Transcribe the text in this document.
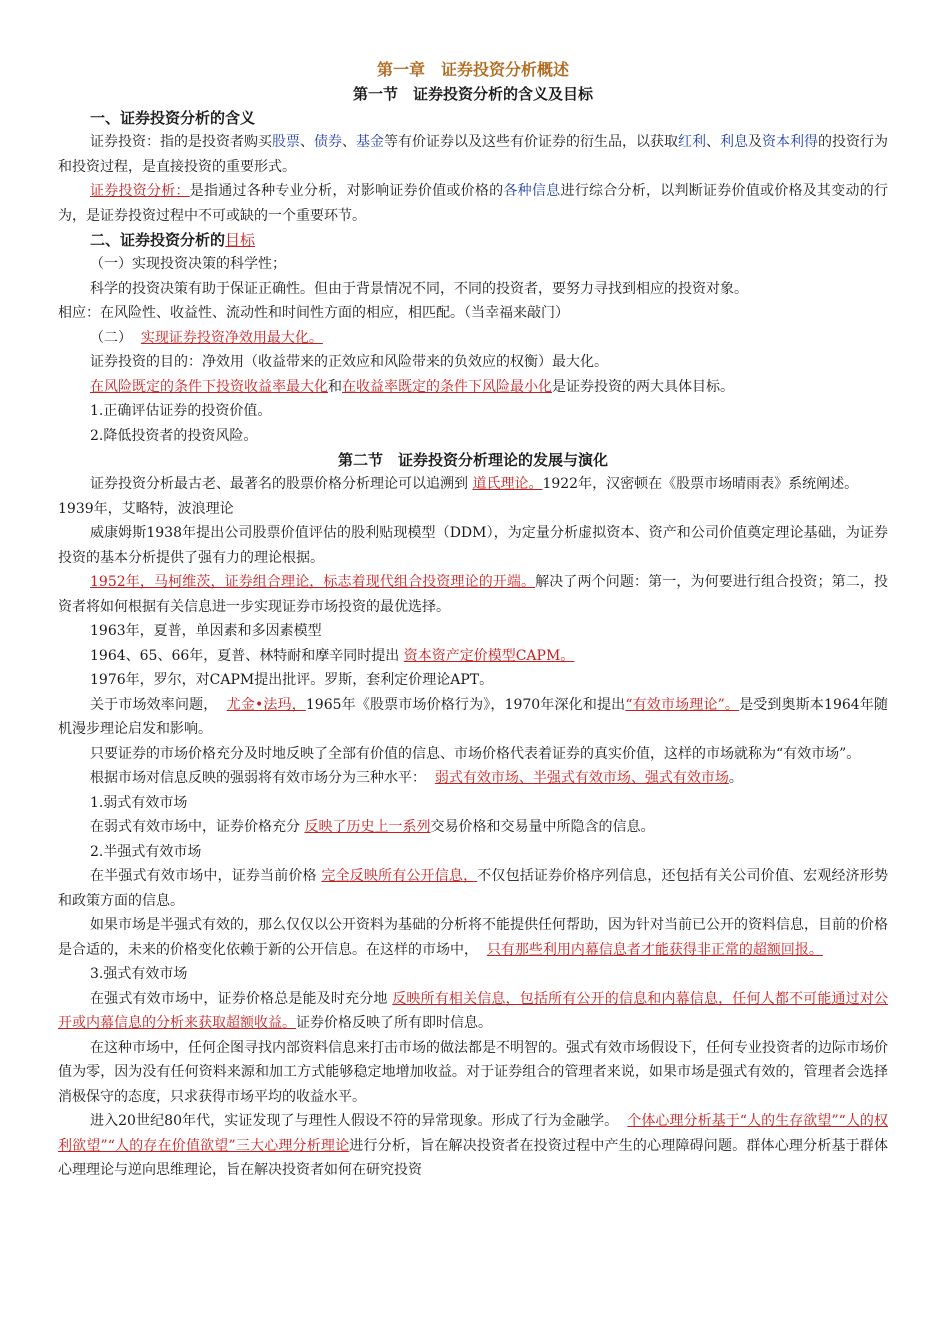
第一章　证券投资分析概述
第一节　证券投资分析的含义及目标
一、证券投资分析的含义

证券投资：指的是投资者购买股票、债券、基金等有价证券以及这些有价证券的衍生品，以获取红利、利息及资本利得的投资行为和投资过程，是直接投资的重要形式。

证券投资分析：是指通过各种专业分析，对影响证券价值或价格的各种信息进行综合分析，以判断证券价值或价格及其变动的行为，是证券投资过程中不可或缺的一个重要环节。

二、证券投资分析的目标

（一）实现投资决策的科学性；

科学的投资决策有助于保证正确性。但由于背景情况不同，不同的投资者，要努力寻找到相应的投资对象。

相应：在风险性、收益性、流动性和时间性方面的相应，相匹配。（当幸福来敲门）

（二） 实现证券投资净效用最大化。

证券投资的目的：净效用（收益带来的正效应和风险带来的负效应的权衡）最大化。

在风险既定的条件下投资收益率最大化和在收益率既定的条件下风险最小化是证券投资的两大具体目标。

1.正确评估证券的投资价值。

2.降低投资者的投资风险。

第二节　证券投资分析理论的发展与演化

证券投资分析最古老、最著名的股票价格分析理论可以追溯到 道氏理论。1922年，汉密顿在《股票市场晴雨表》系统阐述。

1939年，艾略特，波浪理论

威康姆斯1938年提出公司股票价值评估的股利贴现模型（DDM），为定量分析虚拟资本、资产和公司价值奠定理论基础，为证券投资的基本分析提供了强有力的理论根据。

1952年，马柯维茨，证券组合理论，标志着现代组合投资理论的开端。解决了两个问题：第一，为何要进行组合投资；第二，投资者将如何根据有关信息进一步实现证券市场投资的最优选择。

1963年，夏普，单因素和多因素模型

1964、65、66年，夏普、林特耐和摩辛同时提出 资本资产定价模型CAPM。

1976年，罗尔，对CAPM提出批评。罗斯，套利定价理论APT。

关于市场效率问题， 尤金•法玛，1965年《股票市场价格行为》，1970年深化和提出“有效市场理论”。是受到奥斯本1964年随机漫步理论启发和影响。

只要证券的市场价格充分及时地反映了全部有价值的信息、市场价格代表着证券的真实价值，这样的市场就称为“有效市场”。

根据市场对信息反映的强弱将有效市场分为三种水平： 弱式有效市场、半强式有效市场、强式有效市场。

1.弱式有效市场

在弱式有效市场中，证券价格充分 反映了历史上一系列交易价格和交易量中所隐含的信息。

2.半强式有效市场

在半强式有效市场中，证券当前价格 完全反映所有公开信息，不仅包括证券价格序列信息，还包括有关公司价值、宏观经济形势和政策方面的信息。

如果市场是半强式有效的，那么仅仅以公开资料为基础的分析将不能提供任何帮助，因为针对当前已公开的资料信息，目前的价格是合适的，未来的价格变化依赖于新的公开信息。在这样的市场中， 只有那些利用内幕信息者才能获得非正常的超额回报。

3.强式有效市场

在强式有效市场中，证券价格总是能及时充分地 反映所有相关信息，包括所有公开的信息和内幕信息，任何人都不可能通过对公开或内幕信息的分析来获取超额收益。证券价格反映了所有即时信息。

在这种市场中，任何企图寻找内部资料信息来打击市场的做法都是不明智的。强式有效市场假设下，任何专业投资者的边际市场价值为零，因为没有任何资料来源和加工方式能够稳定地增加收益。对于证券组合的管理者来说，如果市场是强式有效的，管理者会选择消极保守的态度，只求获得市场平均的收益水平。

进入20世纪80年代，实证发现了与理性人假设不符的异常现象。形成了行为金融学。 个体心理分析基于“人的生存欲望”“人的权利欲望”“人的存在价值欲望”三大心理分析理论进行分析，旨在解决投资者在投资过程中产生的心理障碍问题。群体心理分析基于群体心理理论与逆向思维理论，旨在解决投资者如何在研究投资
